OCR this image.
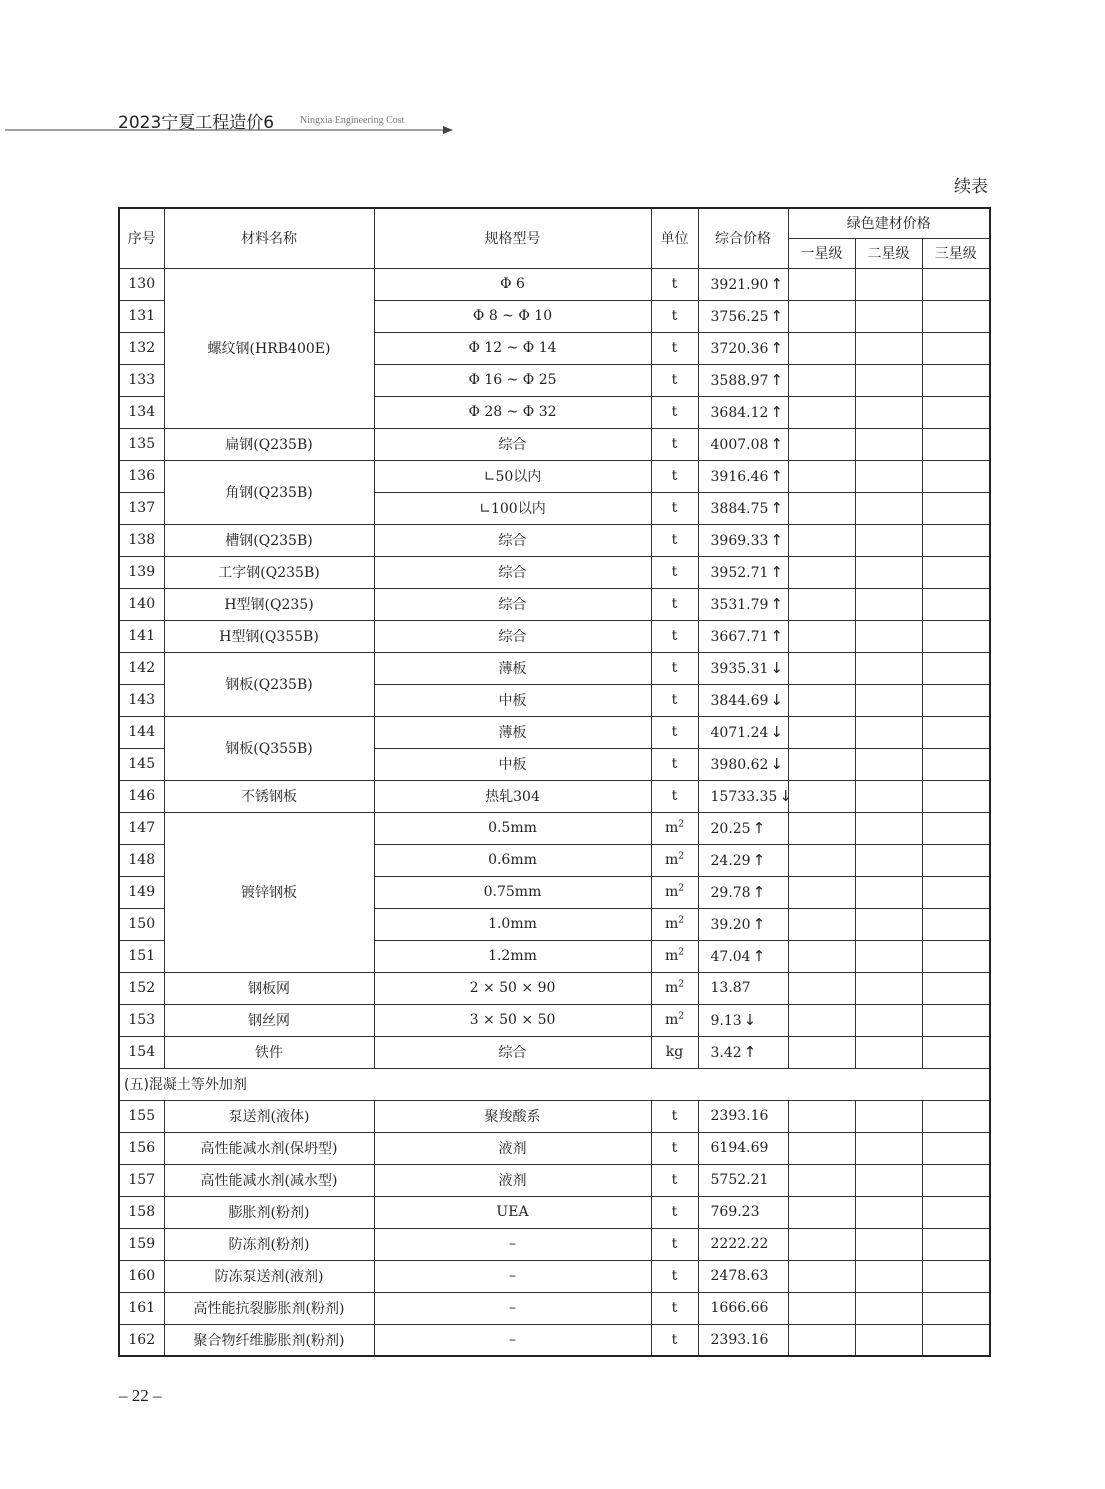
2023宁夏工程造价6	Ningxia Engineering Cost
续表
序号	材料名称	规格型号	单位	综合价格	绿色建材价格		
					一星级	二星级	三星级
130	螺纹钢(HRB400E)	Φ 6	t	3921.90 ↑			
131		Φ 8 ~ Φ 10	t	3756.25 ↑			
132		Φ 12 ~ Φ 14	t	3720.36 ↑			
133		Φ 16 ~ Φ 25	t	3588.97 ↑			
134		Φ 28 ~ Φ 32	t	3684.12 ↑			
135	扁钢(Q235B)	综合	t	4007.08 ↑			
136	角钢(Q235B)	∟50以内	t	3916.46 ↑			
137		∟100以内	t	3884.75 ↑			
138	槽钢(Q235B)	综合	t	3969.33 ↑			
139	工字钢(Q235B)	综合	t	3952.71 ↑			
140	H型钢(Q235)	综合	t	3531.79 ↑			
141	H型钢(Q355B)	综合	t	3667.71 ↑			
142	钢板(Q235B)	薄板	t	3935.31 ↓			
143		中板	t	3844.69 ↓			
144	钢板(Q355B)	薄板	t	4071.24 ↓			
145		中板	t	3980.62 ↓			
146	不锈钢板	热轧304	t	15733.35 ↓			
147	镀锌钢板	0.5mm	$m^2$	20.25 ↑			
148		0.6mm	$m^2$	24.29 ↑			
149		0.75mm	$m^2$	29.78 ↑			
150		1.0mm	$m^2$	39.20 ↑			
151		1.2mm	$m^2$	47.04 ↑			
152	钢板网	2 × 50 × 90	$m^2$	13.87			
153	钢丝网	3 × 50 × 50	$m^2$	9.13 ↓			
154	铁件	综合	kg	3.42 ↑			
(五)混凝土等外加剂							
155	泵送剂(液体)	聚羧酸系	t	2393.16			
156	高性能减水剂(保坍型)	液剂	t	6194.69			
157	高性能减水剂(减水型)	液剂	t	5752.21			
158	膨胀剂(粉剂)	UEA	t	769.23			
159	防冻剂(粉剂)	–	t	2222.22			
160	防冻泵送剂(液剂)	–	t	2478.63			
161	高性能抗裂膨胀剂(粉剂)	–	t	1666.66			
162	聚合物纤维膨胀剂(粉剂)	–	t	2393.16			
– 22 –
